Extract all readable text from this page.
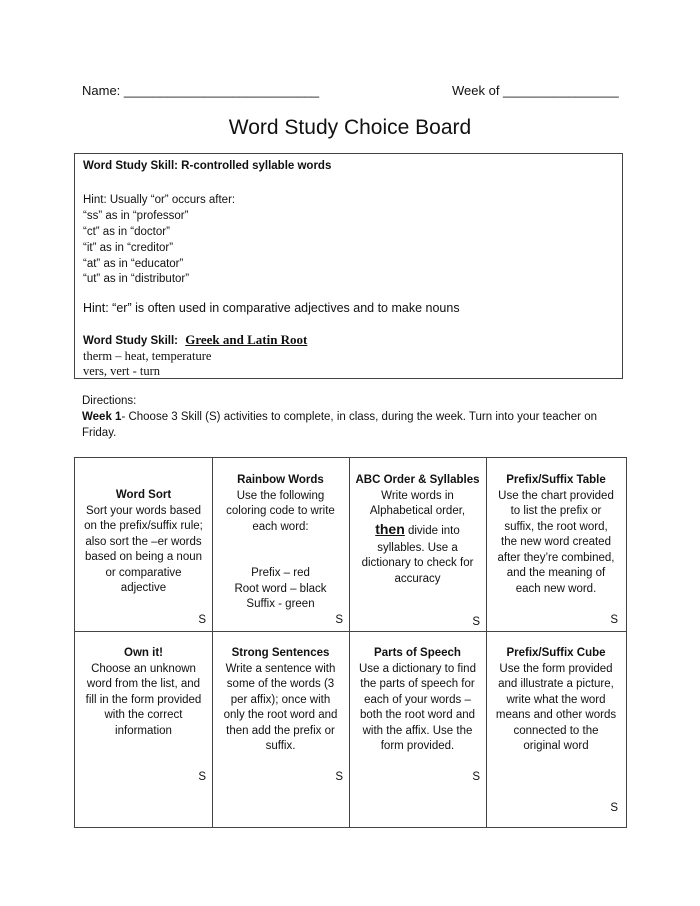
Name: ___________________________	Week of ________________
Word Study Choice Board
Word Study Skill: R-controlled syllable words
Hint: Usually “or” occurs after:
“ss” as in “professor”
“ct” as in “doctor”
“it” as in “creditor”
“at” as in “educator”
“ut” as in “distributor”
Hint: “er” is often used in comparative adjectives and to make nouns
Word Study Skill: Greek and Latin Root
therm – heat, temperature
vers, vert - turn
Directions:
Week 1- Choose 3 Skill (S) activities to complete, in class, during the week. Turn into your teacher on
Friday.
Word Sort
Sort your words based
on the prefix/suffix rule;
also sort the –er words
based on being a noun
or comparative
adjective
S
Rainbow Words
Use the following
coloring code to write
each word:
Prefix – red
Root word – black
Suffix - green
S
ABC Order & Syllables
Write words in
Alphabetical order,
then divide into
syllables. Use a
dictionary to check for
accuracy
S
Prefix/Suffix Table
Use the chart provided
to list the prefix or
suffix, the root word,
the new word created
after they’re combined,
and the meaning of
each new word.
S
Own it!
Choose an unknown
word from the list, and
fill in the form provided
with the correct
information
S
Strong Sentences
Write a sentence with
some of the words (3
per affix); once with
only the root word and
then add the prefix or
suffix.
S
Parts of Speech
Use a dictionary to find
the parts of speech for
each of your words –
both the root word and
with the affix. Use the
form provided.
S
Prefix/Suffix Cube
Use the form provided
and illustrate a picture,
write what the word
means and other words
connected to the
original word
S
